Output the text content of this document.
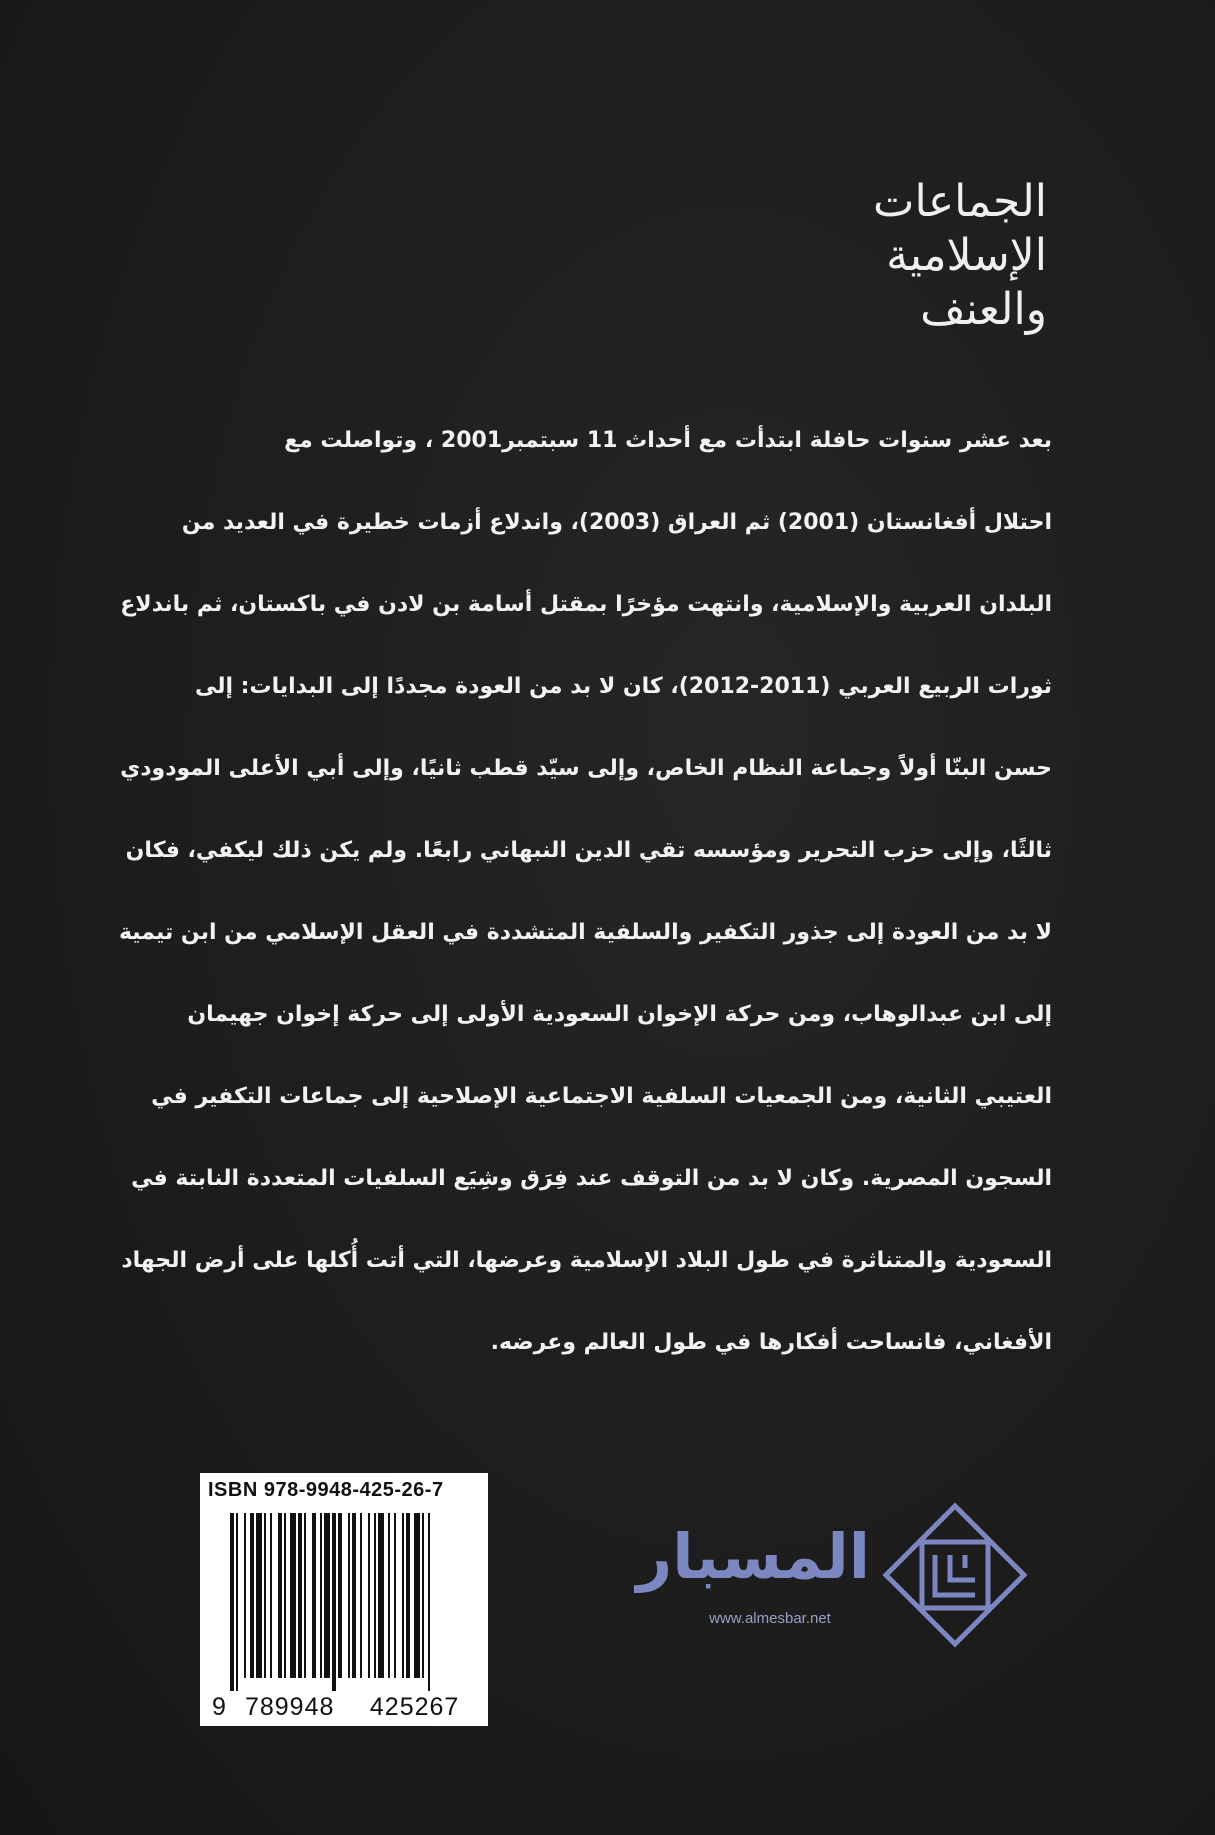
الجماعات
الإسلامية
والعنف
بعد عشر سنوات حافلة ابتدأت مع أحداث 11 سبتمبر2001 ، وتواصلت مع
احتلال أفغانستان (2001) ثم العراق (2003)، واندلاع أزمات خطيرة في العديد من
البلدان العربية والإسلامية، وانتهت مؤخرًا بمقتل أسامة بن لادن في باكستان، ثم باندلاع
ثورات الربيع العربي (2011-2012)، كان لا بد من العودة مجددًا إلى البدايات: إلى
حسن البنّا أولاً وجماعة النظام الخاص، وإلى سيّد قطب ثانيًا، وإلى أبي الأعلى المودودي
ثالثًا، وإلى حزب التحرير ومؤسسه تقي الدين النبهاني رابعًا. ولم يكن ذلك ليكفي، فكان
لا بد من العودة إلى جذور التكفير والسلفية المتشددة في العقل الإسلامي من ابن تيمية
إلى ابن عبدالوهاب، ومن حركة الإخوان السعودية الأولى إلى حركة إخوان جهيمان
العتيبي الثانية، ومن الجمعيات السلفية الاجتماعية الإصلاحية إلى جماعات التكفير في
السجون المصرية. وكان لا بد من التوقف عند فِرَق وشِيَع السلفيات المتعددة النابتة في
السعودية والمتناثرة في طول البلاد الإسلامية وعرضها، التي أتت أُكلها على أرض الجهاد
الأفغاني، فانساحت أفكارها في طول العالم وعرضه.
ISBN 978-9948-425-26-7
9 789948 425267
المسبار
www.almesbar.net
